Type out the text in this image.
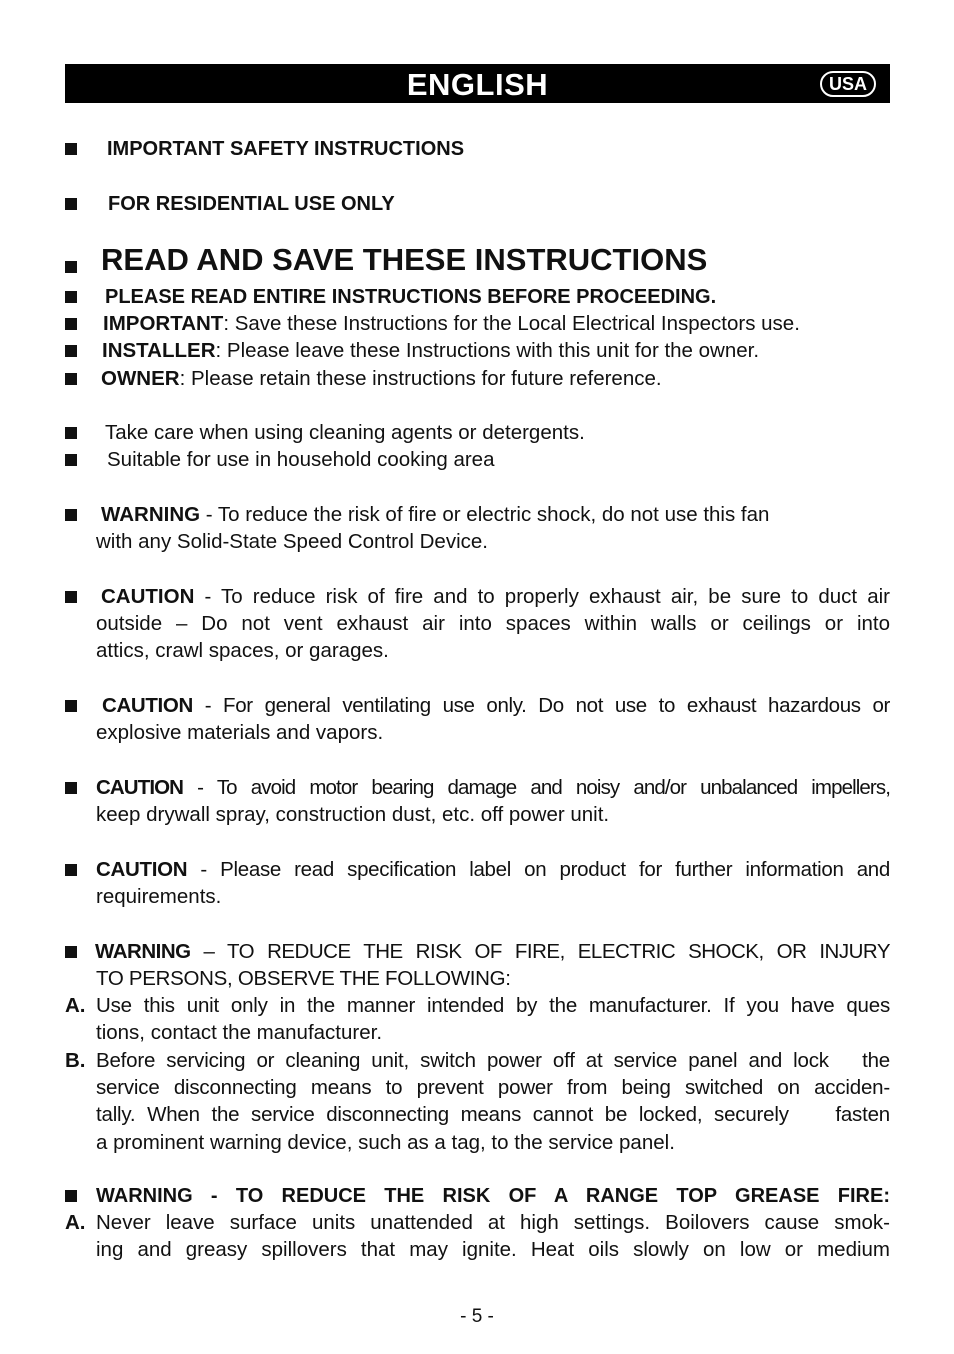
ENGLISH	USA
IMPORTANT SAFETY INSTRUCTIONS
FOR RESIDENTIAL USE ONLY
READ AND SAVE THESE INSTRUCTIONS
PLEASE READ ENTIRE INSTRUCTIONS BEFORE PROCEEDING.
IMPORTANT: Save these Instructions for the Local Electrical Inspectors use.
INSTALLER: Please leave these Instructions with this unit for the owner.
OWNER: Please retain these instructions for future reference.
Take care when using cleaning agents or detergents.
Suitable for use in household cooking area
WARNING - To reduce the risk of fire or electric shock, do not use this fan
with any Solid-State Speed Control Device.
CAUTION - To reduce risk of fire and to properly exhaust air, be sure to duct air
outside – Do not vent exhaust air into spaces within walls or ceilings or into
attics, crawl spaces, or garages.
CAUTION - For general ventilating use only. Do not use to exhaust hazardous or
explosive materials and vapors.
CAUTION - To avoid motor bearing damage and noisy and/or unbalanced impellers,
keep drywall spray, construction dust, etc. off power unit.
CAUTION - Please read specification label on product for further information and
requirements.
WARNING – TO REDUCE THE RISK OF FIRE, ELECTRIC SHOCK, OR INJURY
TO PERSONS, OBSERVE THE FOLLOWING:
A. Use this unit only in the manner intended by the manufacturer. If you have ques
tions, contact the manufacturer.
B. Before servicing or cleaning unit, switch power off at service panel and lock   the
service disconnecting means to prevent power from being switched on acciden-
tally. When the service disconnecting means cannot be locked, securely    fasten
a prominent warning device, such as a tag, to the service panel.
WARNING - TO REDUCE THE RISK OF A RANGE TOP GREASE FIRE:
A. Never leave surface units unattended at high settings. Boilovers cause smok-
ing and greasy spillovers that may ignite. Heat oils slowly on low or medium
- 5 -
